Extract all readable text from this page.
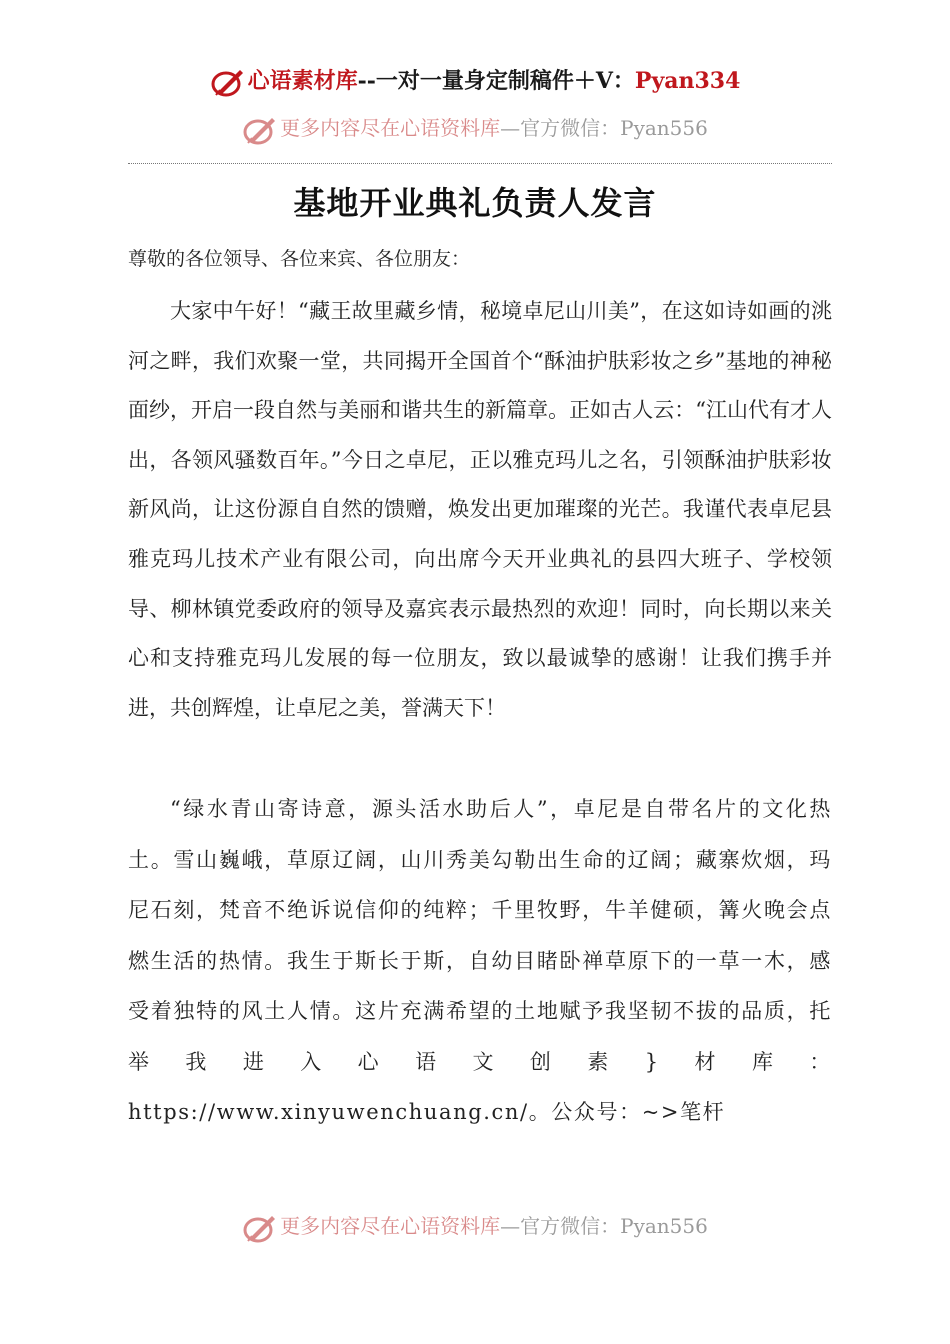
心语素材库--一对一量身定制稿件＋V：Pyan334
更多内容尽在心语资料库—官方微信：Pyan556
基地开业典礼负责人发言
尊敬的各位领导、各位来宾、各位朋友：
大家中午好！“藏王故里藏乡情，秘境卓尼山川美”，在这如诗如画的洮河之畔，我们欢聚一堂，共同揭开全国首个“酥油护肤彩妆之乡”基地的神秘面纱，开启一段自然与美丽和谐共生的新篇章。正如古人云：“江山代有才人出，各领风骚数百年。”今日之卓尼，正以雅克玛儿之名，引领酥油护肤彩妆新风尚，让这份源自自然的馈赠，焕发出更加璀璨的光芒。我谨代表卓尼县雅克玛儿技术产业有限公司，向出席今天开业典礼的县四大班子、学校领导、柳林镇党委政府的领导及嘉宾表示最热烈的欢迎！同时，向长期以来关心和支持雅克玛儿发展的每一位朋友，致以最诚挚的感谢！让我们携手并进，共创辉煌，让卓尼之美，誉满天下！
“绿水青山寄诗意，源头活水助后人”，卓尼是自带名片的文化热土。雪山巍峨，草原辽阔，山川秀美勾勒出生命的辽阔；藏寨炊烟，玛尼石刻，梵音不绝诉说信仰的纯粹；千里牧野，牛羊健硕，篝火晚会点燃生活的热情。我生于斯长于斯，自幼目睹卧禅草原下的一草一木，感受着独特的风土人情。这片充满希望的土地赋予我坚韧不拔的品质，托举我进入心语文创素}材库：https://www.xinyuwenchuang.cn/。公众号：~>笔杆
更多内容尽在心语资料库—官方微信：Pyan556
